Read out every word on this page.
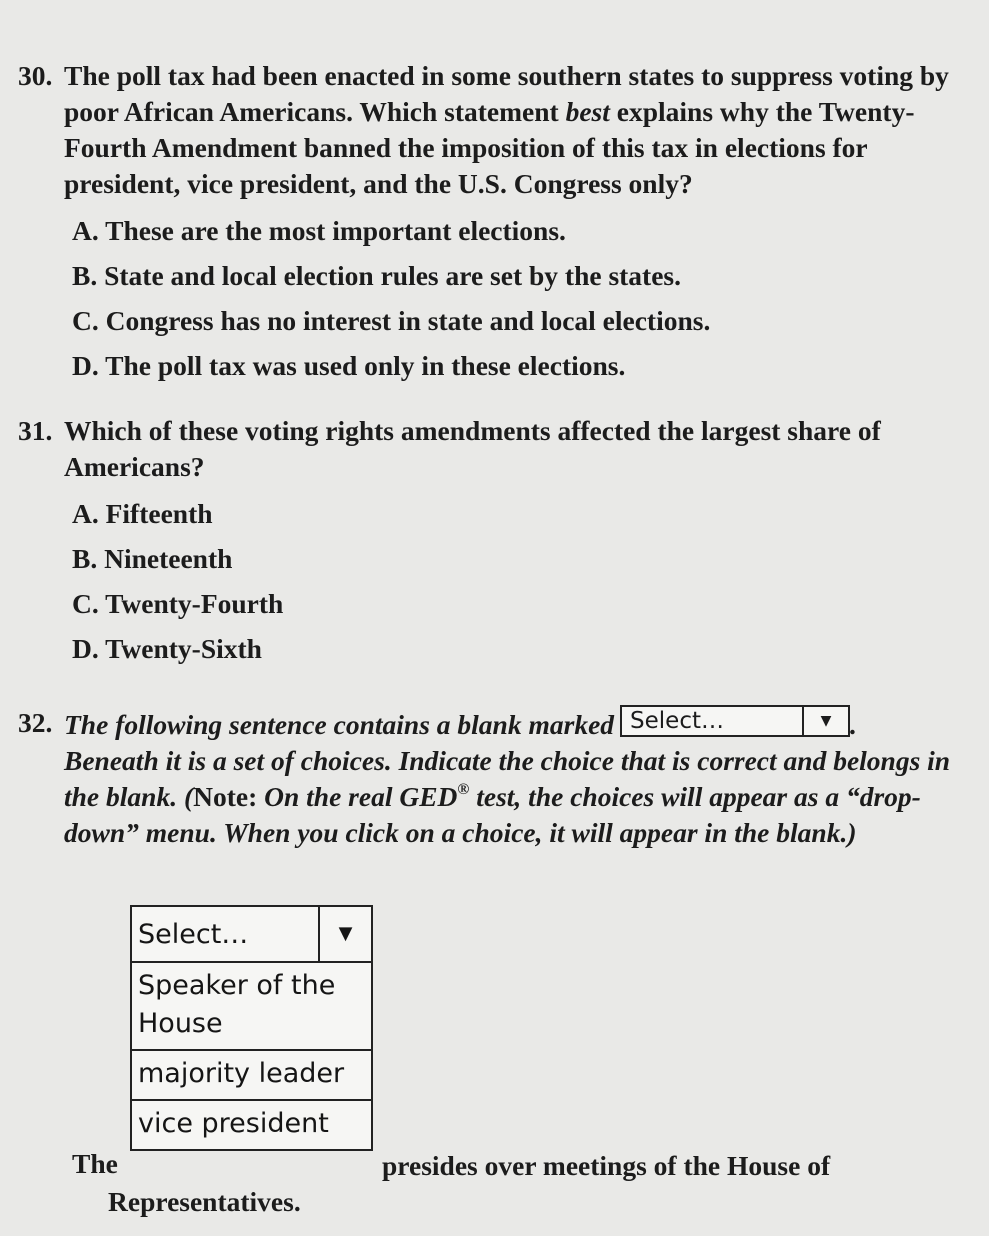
30. The poll tax had been enacted in some southern states to suppress voting by poor African Americans. Which statement best explains why the Twenty-Fourth Amendment banned the imposition of this tax in elections for president, vice president, and the U.S. Congress only?
A. These are the most important elections.
B. State and local election rules are set by the states.
C. Congress has no interest in state and local elections.
D. The poll tax was used only in these elections.
31. Which of these voting rights amendments affected the largest share of Americans?
A. Fifteenth
B. Nineteenth
C. Twenty-Fourth
D. Twenty-Sixth
32. The following sentence contains a blank marked Select…	▼ . Beneath it is a set of choices. Indicate the choice that is correct and belongs in the blank. (Note: On the real GED® test, the choices will appear as a “drop-down” menu. When you click on a choice, it will appear in the blank.)
Select…	▼
Speaker of the House
majority leader
vice president
The	presides over meetings of the House of
Representatives.
